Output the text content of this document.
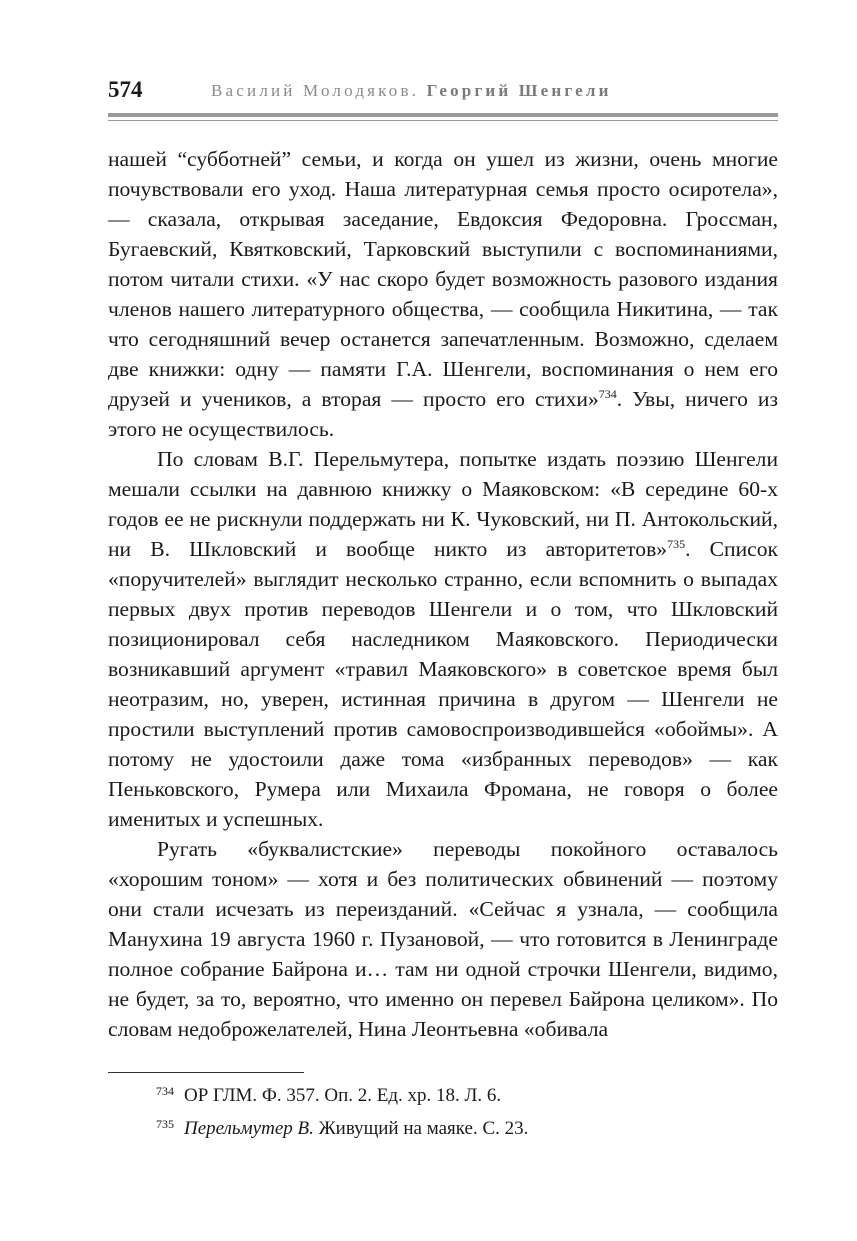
574	Василий Молодяков. Георгий Шенгели

нашей “субботней” семьи, и когда он ушел из жизни, очень многие почувствовали его уход. Наша литературная семья просто осиротела», — сказала, открывая заседание, Евдоксия Федоровна. Гроссман, Бугаевский, Квятковский, Тарковский выступили с воспоминаниями, потом читали стихи. «У нас скоро будет возможность разового издания членов нашего литературного общества, — сообщила Никитина, — так что сегодняшний вечер останется запечатленным. Возможно, сделаем две книжки: одну — памяти Г.А. Шенгели, воспоминания о нем его друзей и учеников, а вторая — просто его стихи»$^{734}$. Увы, ничего из этого не осуществилось.

По словам В.Г. Перельмутера, попытке издать поэзию Шенгели мешали ссылки на давнюю книжку о Маяковском: «В середине 60-х годов ее не рискнули поддержать ни К. Чуковский, ни П. Антокольский, ни В. Шкловский и вообще никто из авторитетов»$^{735}$. Список «поручителей» выглядит несколько странно, если вспомнить о выпадах первых двух против переводов Шенгели и о том, что Шкловский позиционировал себя наследником Маяковского. Периодически возникавший аргумент «травил Маяковского» в советское время был неотразим, но, уверен, истинная причина в другом — Шенгели не простили выступлений против самовоспроизводившейся «обоймы». А потому не удостоили даже тома «избранных переводов» — как Пеньковского, Румера или Михаила Фромана, не говоря о более именитых и успешных.

Ругать «буквалистские» переводы покойного оставалось «хорошим тоном» — хотя и без политических обвинений — поэтому они стали исчезать из переизданий. «Сейчас я узнала, — сообщила Манухина 19 августа 1960 г. Пузановой, — что готовится в Ленинграде полное собрание Байрона и… там ни одной строчки Шенгели, видимо, не будет, за то, вероятно, что именно он перевел Байрона целиком». По словам недоброжелателей, Нина Леонтьевна «обивала

$^{734}$ ОР ГЛМ. Ф. 357. Оп. 2. Ед. хр. 18. Л. 6.
$^{735}$ Перельмутер В. Живущий на маяке. С. 23.
